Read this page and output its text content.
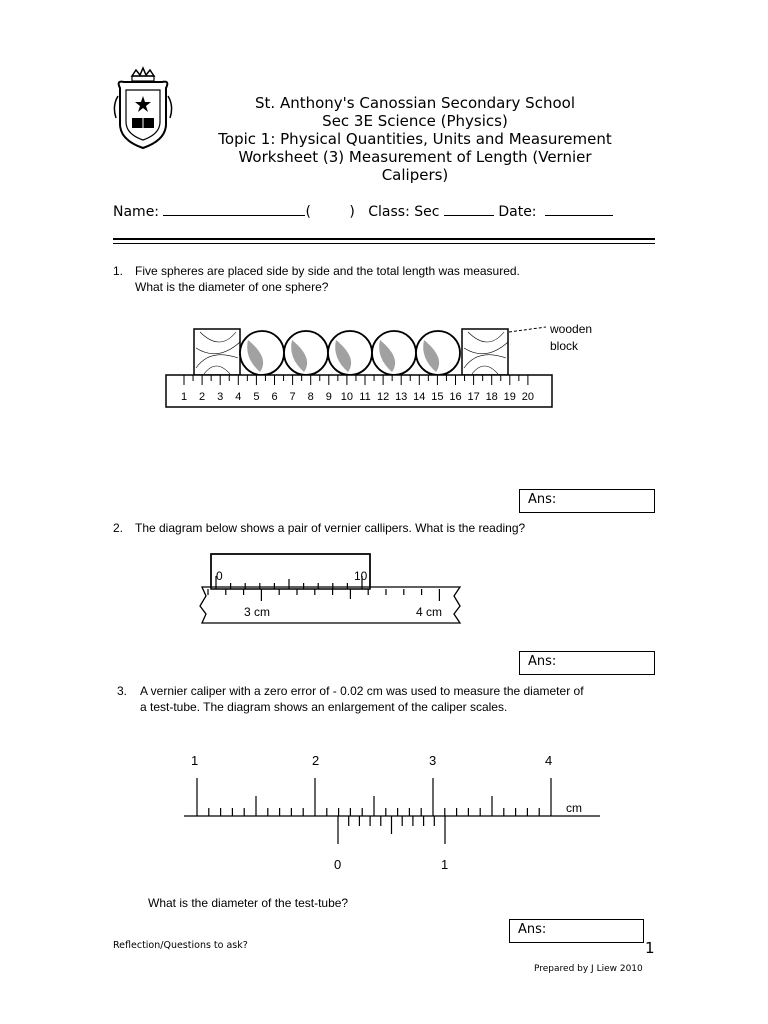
St. Anthony's Canossian Secondary School
Sec 3E Science (Physics)
Topic 1: Physical Quantities, Units and Measurement
Worksheet (3) Measurement of Length (Vernier
Calipers)
Name:	(	) Class: Sec	Date:
1. Five spheres are placed side by side and the total length was measured.
What is the diameter of one sphere?
1 2 3 4 5 6 7 8 9 10 11 12 13 14 15 16 17 18 19 20
wooden
block
Ans:
2. The diagram below shows a pair of vernier callipers. What is the reading?
0	10
3 cm	4 cm
Ans:
3. A vernier caliper with a zero error of - 0.02 cm was used to measure the diameter of
a test-tube. The diagram shows an enlargement of the caliper scales.
1	2	3	4
cm
0	1
What is the diameter of the test-tube?
Ans:
Reflection/Questions to ask?	1
Prepared by J Liew 2010
